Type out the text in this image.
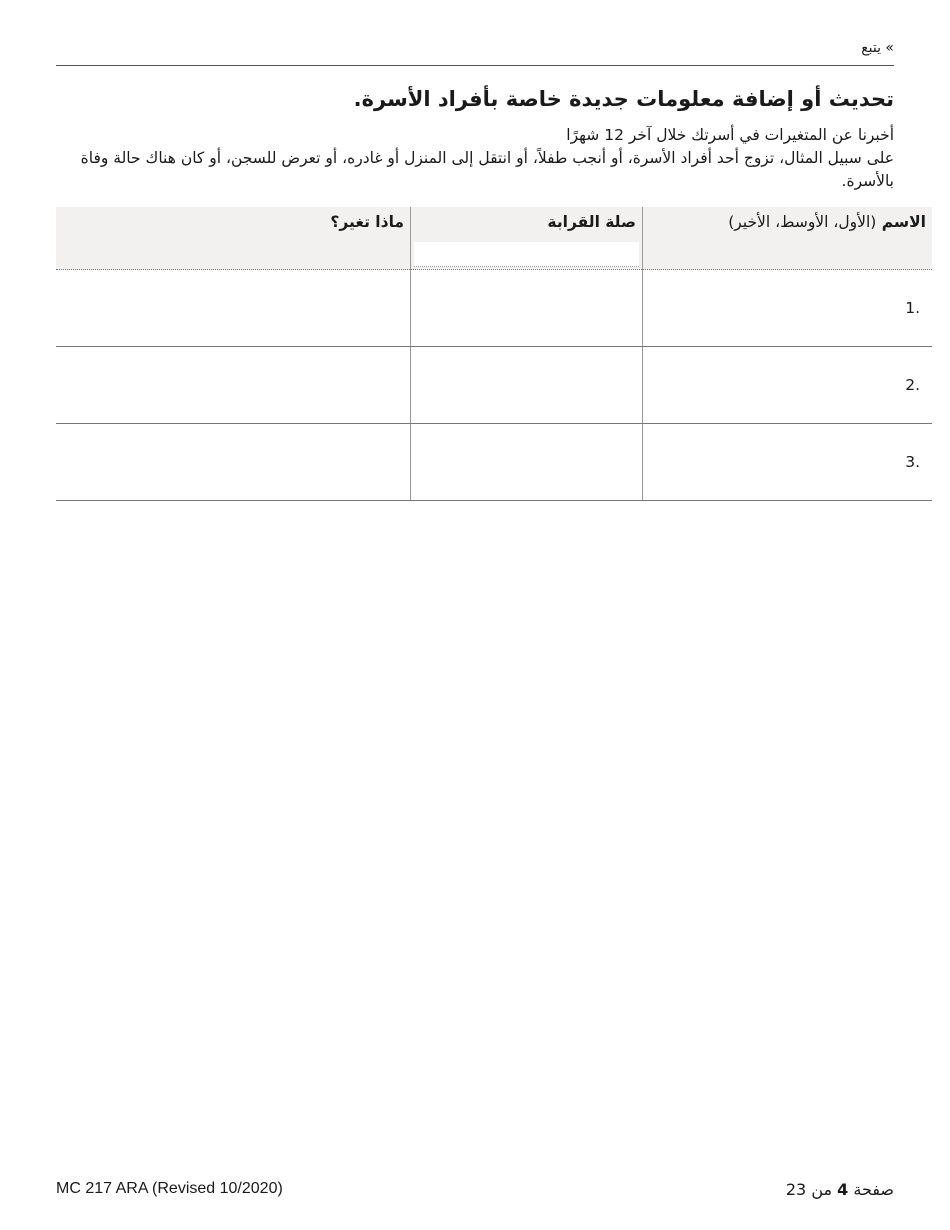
» يتبع
تحديث أو إضافة معلومات جديدة خاصة بأفراد الأسرة.

أخبرنا عن المتغيرات في أسرتك خلال آخر 12 شهرًا

على سبيل المثال، تزوج أحد أفراد الأسرة، أو أنجب طفلاً، أو انتقل إلى المنزل أو غادره، أو تعرض للسجن، أو كان هناك حالة وفاة بالأسرة.

الاسم (الأول، الأوسط، الأخير)	صلة القرابة	ماذا تغير؟
.1	

.2	

.3	

MC 217 ARA (Revised 10/2020)	صفحة 4 من 23
